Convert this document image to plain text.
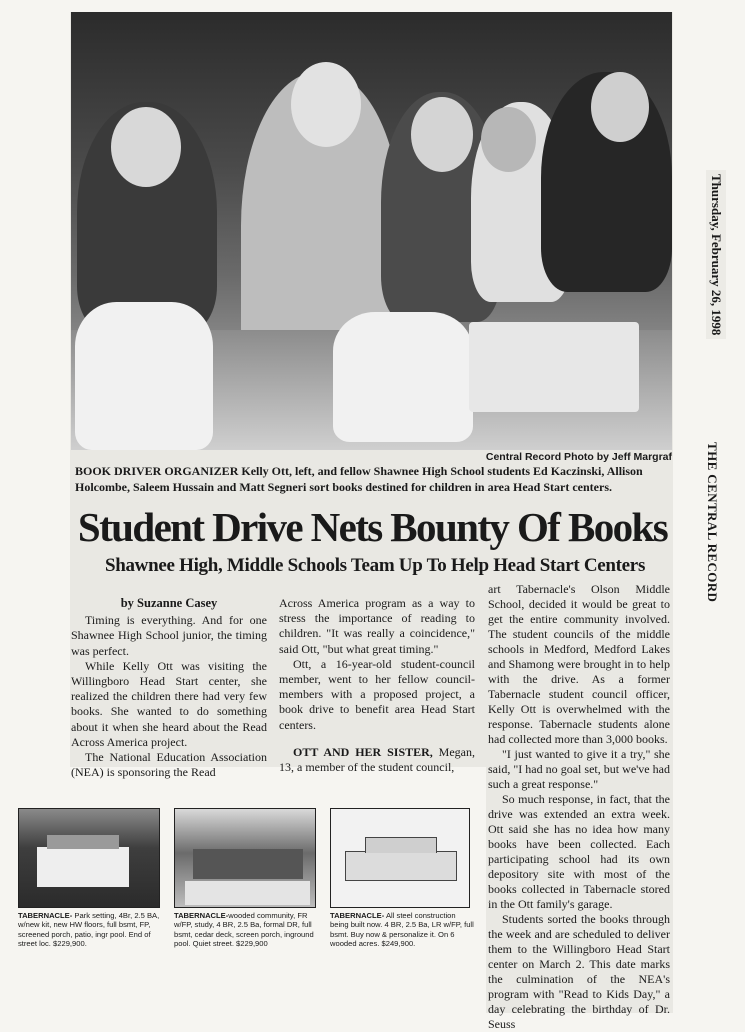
Central Record Photo by Jeff Margraf
BOOK DRIVER ORGANIZER Kelly Ott, left, and fellow Shawnee High School students Ed Kaczinski, Allison Holcombe, Saleem Hussain and Matt Segneri sort books destined for children in area Head Start centers.
Student Drive Nets Bounty Of Books
Shawnee High, Middle Schools Team Up To Help Head Start Centers

by Suzanne Casey

Timing is everything. And for one Shawnee High School junior, the timing was perfect.

While Kelly Ott was visiting the Willingboro Head Start center, she realized the children there had very few books. She wanted to do something about it when she heard about the Read Across America project.

The National Education Association (NEA) is sponsoring the Read

Across America program as a way to stress the importance of reading to children. "It was really a coincidence," said Ott, "but what great timing."

Ott, a 16-year-old student-council member, went to her fellow council-members with a proposed project, a book drive to benefit area Head Start centers.

OTT AND HER SISTER, Megan, 13, a member of the student council,

art Tabernacle's Olson Middle School, decided it would be great to get the entire community involved. The student councils of the middle schools in Medford, Medford Lakes and Shamong were brought in to help with the drive. As a former Tabernacle student council officer, Kelly Ott is overwhelmed with the response. Tabernacle students alone had collected more than 3,000 books.

"I just wanted to give it a try," she said, "I had no goal set, but we've had such a great response."

So much response, in fact, that the drive was extended an extra week. Ott said she has no idea how many books have been collected. Each participating school had its own depository site with most of the books collected in Tabernacle stored in the Ott family's garage.

Students sorted the books through the week and are scheduled to deliver them to the Willingboro Head Start center on March 2. This date marks the culmination of the NEA's program with "Read to Kids Day," a day celebrating the birthday of Dr. Seuss

Thursday, February 26, 1998
THE CENTRAL RECORD
TABERNACLE- Park setting, 4Br, 2.5 BA, w/new kit, new HW floors, full bsmt, FP, screened porch, patio, ingr pool. End of street loc. $229,900.
TABERNACLE-wooded community, FR w/FP, study, 4 BR, 2.5 Ba, formal DR, full bsmt, cedar deck, screen porch, inground pool. Quiet street. $229,900
TABERNACLE- All steel construction being built now. 4 BR, 2.5 Ba, LR w/FP, full bsmt. Buy now & personalize it. On 6 wooded acres. $249,900.
